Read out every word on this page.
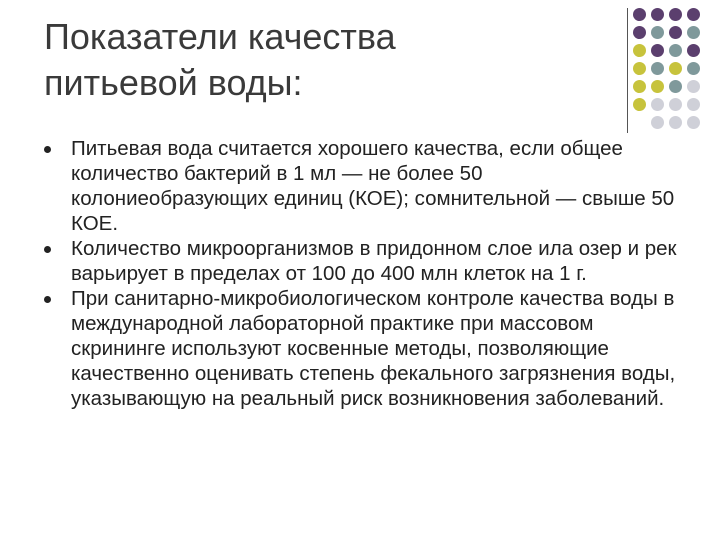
Показатели качества
питьевой воды:
Питьевая вода считается хорошего качества, если общее количество бактерий в 1 мл — не более 50 колониеобразующих единиц (КОЕ); сомнительной — свыше 50 КОЕ.
Количество микроорганизмов в придонном слое ила озер и рек варьирует в пределах от 100 до 400 млн клеток на 1 г.
При санитарно-микробиологическом контроле качества воды в международной лабораторной практике при массовом скрининге используют косвенные методы, позволяющие качественно оценивать степень фекального загрязнения воды, указывающую на реальный риск возникновения заболеваний.
